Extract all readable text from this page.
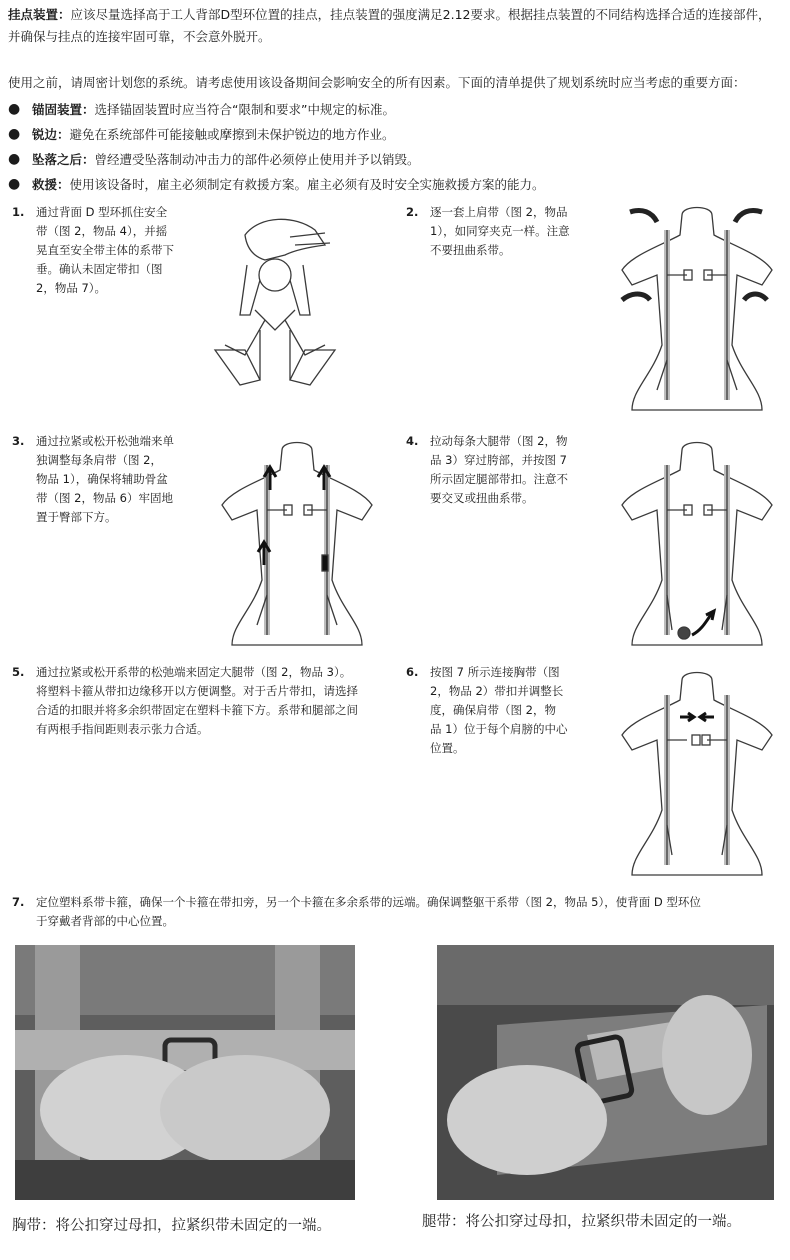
挂点装置：应该尽量选择高于工人背部D型环位置的挂点，挂点装置的强度满足2.12要求。根据挂点装置的不同结构选择合适的连接部件，并确保与挂点的连接牢固可靠，不会意外脱开。
使用之前，请周密计划您的系统。请考虑使用该设备期间会影响安全的所有因素。下面的清单提供了规划系统时应当考虑的重要方面：
● 锚固装置： 选择锚固装置时应当符合“限制和要求”中规定的标准。
● 锐边： 避免在系统部件可能接触或摩擦到未保护锐边的地方作业。
● 坠落之后： 曾经遭受坠落制动冲击力的部件必须停止使用并予以销毁。
● 救援： 使用该设备时，雇主必须制定有救援方案。雇主必须有及时安全实施救援方案的能力。
1. 通过背面 D 型环抓住安全
带（图 2，物品 4），并摇
晃直至安全带主体的系带下
垂。确认未固定带扣（图
2，物品 7）。
2. 逐一套上肩带（图 2，物品
1），如同穿夹克一样。注意
不要扭曲系带。
3. 通过拉紧或松开松弛端来单
独调整每条肩带（图 2，
物品 1），确保将辅助骨盆
带（图 2，物品 6）牢固地
置于臀部下方。
4. 拉动每条大腿带（图 2，物
品 3）穿过胯部，并按图 7
所示固定腿部带扣。注意不
要交叉或扭曲系带。
5. 通过拉紧或松开系带的松弛端来固定大腿带（图 2，物品 3）。
将塑料卡箍从带扣边缘移开以方便调整。对于舌片带扣，请选择
合适的扣眼并将多余织带固定在塑料卡箍下方。系带和腿部之间
有两根手指间距则表示张力合适。
6. 按图 7 所示连接胸带（图
2，物品 2）带扣并调整长
度，确保肩带（图 2，物
品 1）位于每个肩膀的中心
位置。
7. 定位塑料系带卡箍，确保一个卡箍在带扣旁，另一个卡箍在多余系带的远端。确保调整躯干系带（图 2，物品 5），使背面 D 型环位
于穿戴者背部的中心位置。
胸带：将公扣穿过母扣，拉紧织带未固定的一端。	腿带：将公扣穿过母扣，拉紧织带未固定的一端。
